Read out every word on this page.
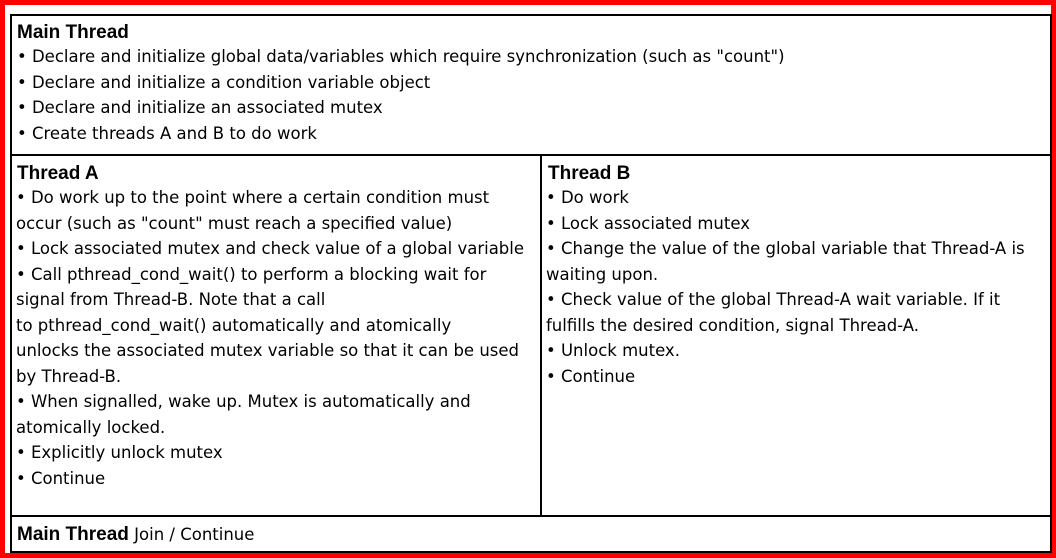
Main Thread
• Declare and initialize global data/variables which require synchronization (such as "count")
• Declare and initialize a condition variable object
• Declare and initialize an associated mutex
• Create threads A and B to do work
Thread A
• Do work up to the point where a certain condition must
occur (such as "count" must reach a specified value)
• Lock associated mutex and check value of a global variable
• Call pthread_cond_wait() to perform a blocking wait for
signal from Thread-B. Note that a call
to pthread_cond_wait() automatically and atomically
unlocks the associated mutex variable so that it can be used
by Thread-B.
• When signalled, wake up. Mutex is automatically and
atomically locked.
• Explicitly unlock mutex
• Continue
Thread B
• Do work
• Lock associated mutex
• Change the value of the global variable that Thread-A is
waiting upon.
• Check value of the global Thread-A wait variable. If it
fulfills the desired condition, signal Thread-A.
• Unlock mutex.
• Continue
Main Thread Join / Continue
